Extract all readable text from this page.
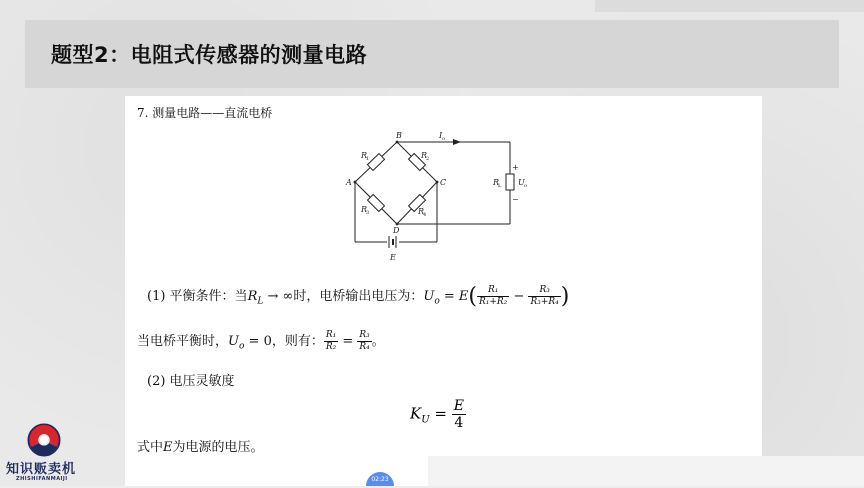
题型2：电阻式传感器的测量电路
7. 测量电路——直流电桥
A
B
C
D
E
R
1	R
2
R
3	R
4
R
L
I o
U o
+
−
(1) 平衡条件：当$R_L$ → ∞时，电桥输出电压为：$U_o = E( \frac{\text{R₁}}{\text{R₁+R₂}} - \frac{\text{R₃}}{\text{R₃+R₄}}$ )
当电桥平衡时，$U_o = 0$，则有： $\frac{\text{R₁}}{\text{R₂}} = \frac{\text{R₃}}{\text{R₄}}$ 。
(2) 电压灵敏度
$K_U = \frac{E}{4}$
式中E为电源的电压。
知识贩卖机
ZHISHIFANMAIJI	02:23
